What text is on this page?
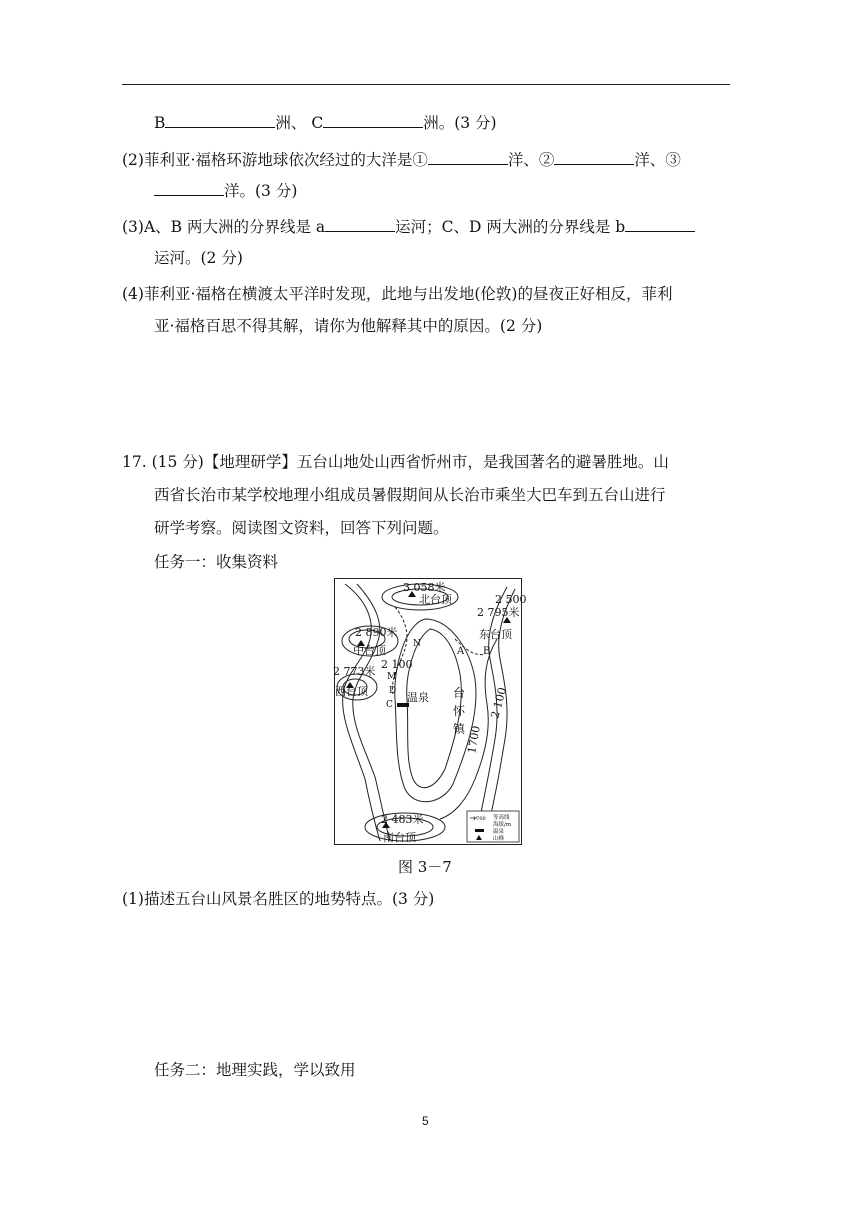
B	洲、 C	洲。(3 分)
(2)菲利亚·福格环游地球依次经过的大洋是①	洋、②	洋、③
洋。(3 分)
(3)A、B 两大洲的分界线是 a	运河；C、D 两大洲的分界线是 b
运河。(2 分)
(4)菲利亚·福格在横渡太平洋时发现，此地与出发地(伦敦)的昼夜正好相反，菲利
亚·福格百思不得其解，请你为他解释其中的原因。(2 分)
17. (15 分)【地理研学】五台山地处山西省忻州市，是我国著名的避暑胜地。山
西省长治市某学校地理小组成员暑假期间从长治市乘坐大巴车到五台山进行
研学考察。阅读图文资料，回答下列问题。
任务一：收集资料
3 058米
北台顶	2 500
2 795米
东台顶
2 890米
中台顶	N
A B
2 100
M
2 773米
西台顶 D
C
温泉 台
怀
镇 1700
2 100
2 483米
南台顶
1700 等高线
海拔/m
温泉
山峰
图 3－7
(1)描述五台山风景名胜区的地势特点。(3 分)
任务二：地理实践，学以致用
5
